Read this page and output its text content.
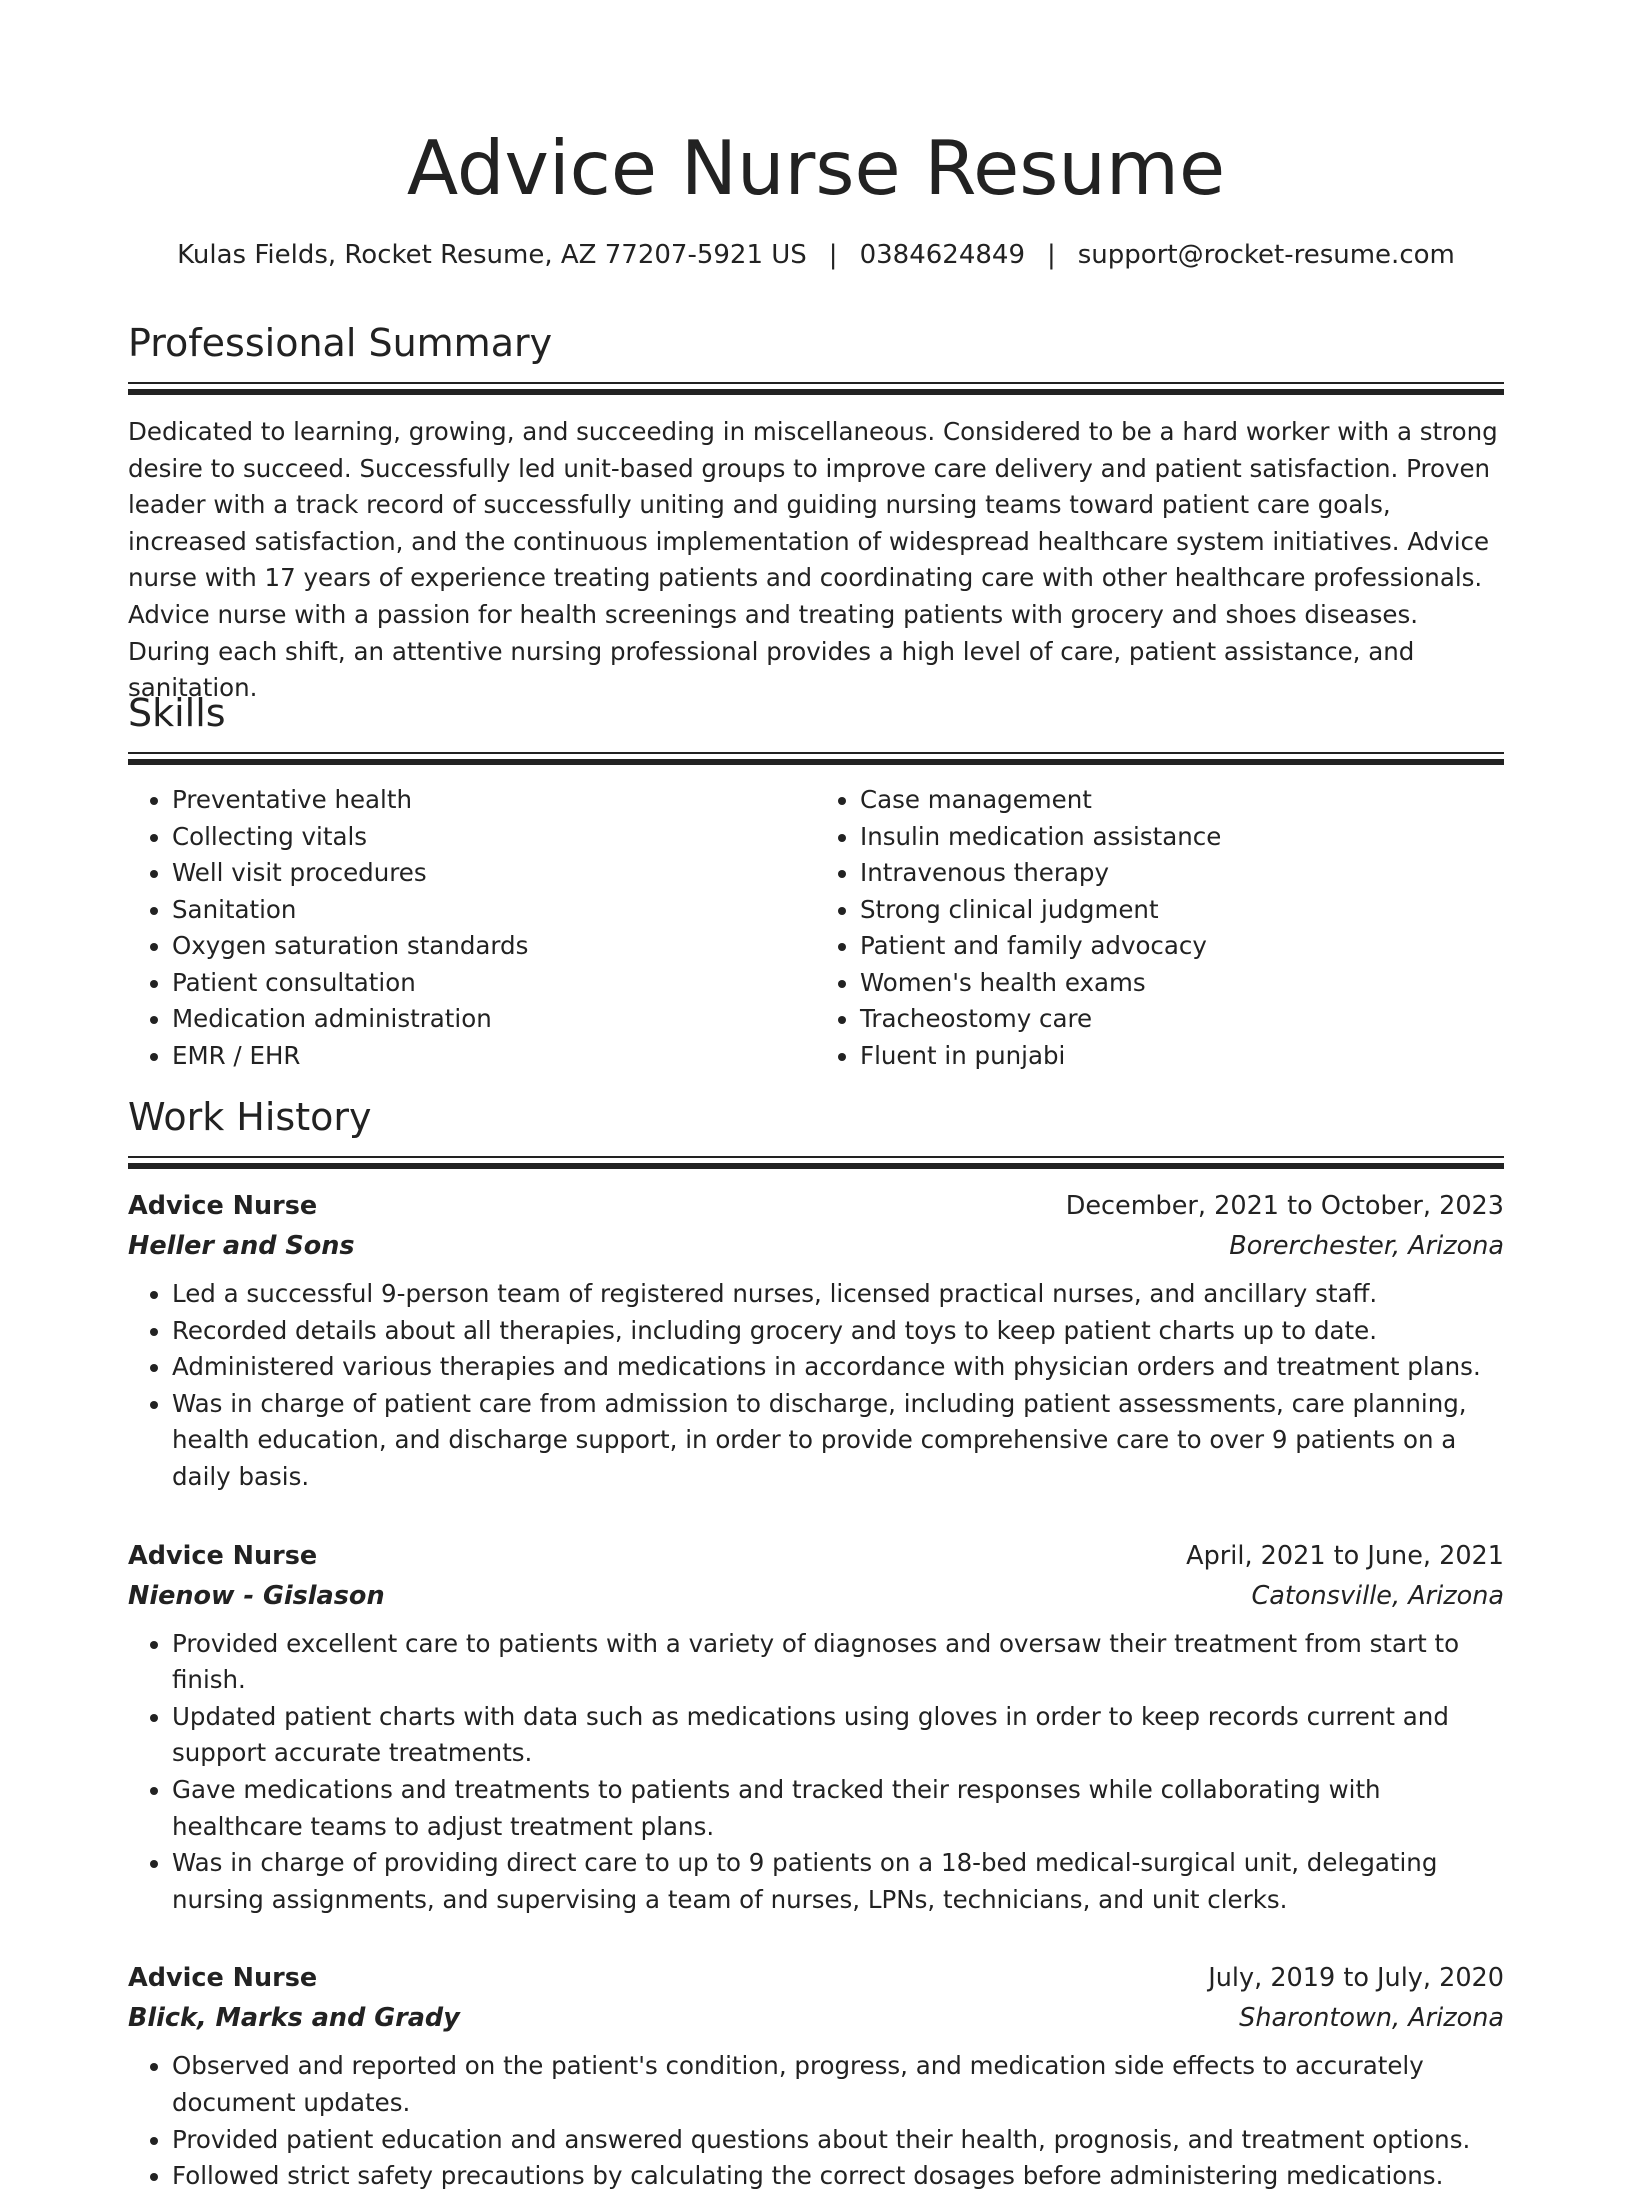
Advice Nurse Resume
Kulas Fields, Rocket Resume, AZ 77207-5921 US | 0384624849 | support@rocket-resume.com
Professional Summary

Dedicated to learning, growing, and succeeding in miscellaneous. Considered to be a hard worker with a strong desire to succeed. Successfully led unit-based groups to improve care delivery and patient satisfaction. Proven leader with a track record of successfully uniting and guiding nursing teams toward patient care goals, increased satisfaction, and the continuous implementation of widespread healthcare system initiatives. Advice nurse with 17 years of experience treating patients and coordinating care with other healthcare professionals. Advice nurse with a passion for health screenings and treating patients with grocery and shoes diseases. During each shift, an attentive nursing professional provides a high level of care, patient assistance, and sanitation.

Skills
• Preventative health
• Collecting vitals
• Well visit procedures
• Sanitation
• Oxygen saturation standards
• Patient consultation
• Medication administration
• EMR / EHR
• Case management
• Insulin medication assistance
• Intravenous therapy
• Strong clinical judgment
• Patient and family advocacy
• Women's health exams
• Tracheostomy care
• Fluent in punjabi
Work History
Advice Nurse	December, 2021 to October, 2023
Heller and Sons	Borerchester, Arizona
• Led a successful 9-person team of registered nurses, licensed practical nurses, and ancillary staff.
• Recorded details about all therapies, including grocery and toys to keep patient charts up to date.
• Administered various therapies and medications in accordance with physician orders and treatment plans.
• Was in charge of patient care from admission to discharge, including patient assessments, care planning, health education, and discharge support, in order to provide comprehensive care to over 9 patients on a daily basis.
Advice Nurse	April, 2021 to June, 2021
Nienow - Gislason	Catonsville, Arizona
• Provided excellent care to patients with a variety of diagnoses and oversaw their treatment from start to finish.
• Updated patient charts with data such as medications using gloves in order to keep records current and support accurate treatments.
• Gave medications and treatments to patients and tracked their responses while collaborating with healthcare teams to adjust treatment plans.
• Was in charge of providing direct care to up to 9 patients on a 18-bed medical-surgical unit, delegating nursing assignments, and supervising a team of nurses, LPNs, technicians, and unit clerks.
Advice Nurse	July, 2019 to July, 2020
Blick, Marks and Grady	Sharontown, Arizona
• Observed and reported on the patient's condition, progress, and medication side effects to accurately document updates.
• Provided patient education and answered questions about their health, prognosis, and treatment options.
• Followed strict safety precautions by calculating the correct dosages before administering medications.
